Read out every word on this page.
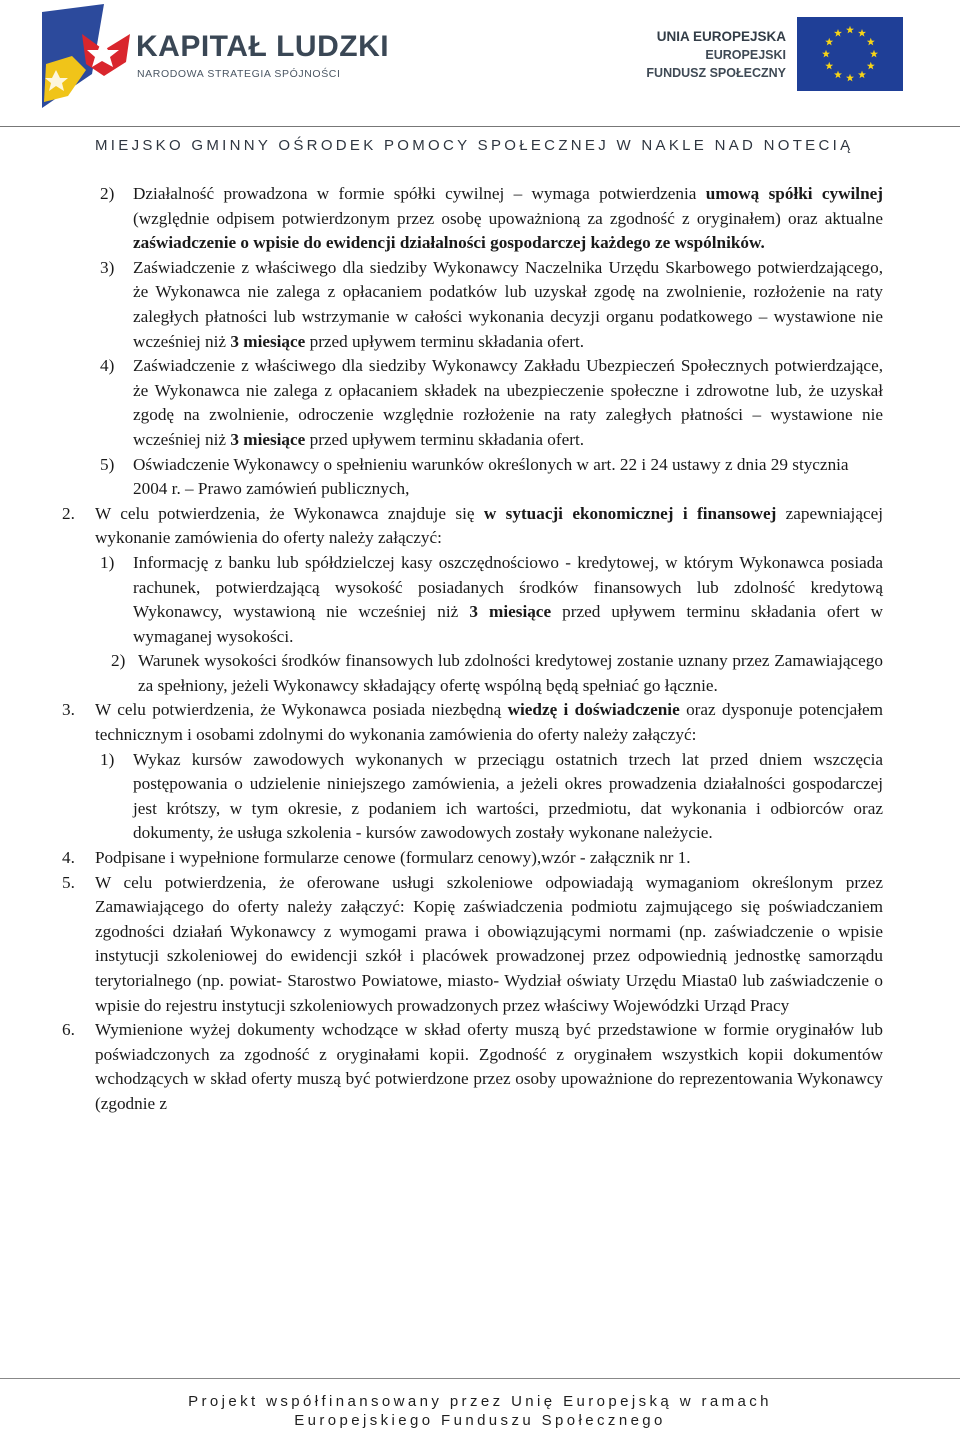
KAPITAŁ LUDZKI
NARODOWA STRATEGIA SPÓJNOŚCI
UNIA EUROPEJSKA
EUROPEJSKI
FUNDUSZ SPOŁECZNY
MIEJSKO GMINNY OŚRODEK POMOCY SPOŁECZNEJ W NAKLE NAD NOTECIĄ
2) Działalność prowadzona w formie spółki cywilnej – wymaga potwierdzenia umową spółki cywilnej (względnie odpisem potwierdzonym przez osobę upoważnioną za zgodność z oryginałem) oraz aktualne zaświadczenie o wpisie do ewidencji działalności gospodarczej każdego ze wspólników.
3) Zaświadczenie z właściwego dla siedziby Wykonawcy Naczelnika Urzędu Skarbowego potwierdzającego, że Wykonawca nie zalega z opłacaniem podatków lub uzyskał zgodę na zwolnienie, rozłożenie na raty zaległych płatności lub wstrzymanie w całości wykonania decyzji organu podatkowego – wystawione nie wcześniej niż 3 miesiące przed upływem terminu składania ofert.
4) Zaświadczenie z właściwego dla siedziby Wykonawcy Zakładu Ubezpieczeń Społecznych potwierdzające, że Wykonawca nie zalega z opłacaniem składek na ubezpieczenie społeczne i zdrowotne lub, że uzyskał zgodę na zwolnienie, odroczenie względnie rozłożenie na raty zaległych płatności – wystawione nie wcześniej niż 3 miesiące przed upływem terminu składania ofert.
5) Oświadczenie Wykonawcy o spełnieniu warunków określonych w art. 22 i 24 ustawy z dnia 29 stycznia 2004 r. – Prawo zamówień publicznych,
2. W celu potwierdzenia, że Wykonawca znajduje się w sytuacji ekonomicznej i finansowej zapewniającej wykonanie zamówienia do oferty należy załączyć:
1) Informację z banku lub spółdzielczej kasy oszczędnościowo - kredytowej, w którym Wykonawca posiada rachunek, potwierdzającą wysokość posiadanych środków finansowych lub zdolność kredytową Wykonawcy, wystawioną nie wcześniej niż 3 miesiące przed upływem terminu składania ofert w wymaganej wysokości.
2) Warunek wysokości środków finansowych lub zdolności kredytowej zostanie uznany przez Zamawiającego za spełniony, jeżeli Wykonawcy składający ofertę wspólną będą spełniać go łącznie.
3. W celu potwierdzenia, że Wykonawca posiada niezbędną wiedzę i doświadczenie oraz dysponuje potencjałem technicznym i osobami zdolnymi do wykonania zamówienia do oferty należy załączyć:
1) Wykaz kursów zawodowych wykonanych w przeciągu ostatnich trzech lat przed dniem wszczęcia postępowania o udzielenie niniejszego zamówienia, a jeżeli okres prowadzenia działalności gospodarczej jest krótszy, w tym okresie, z podaniem ich wartości, przedmiotu, dat wykonania i odbiorców oraz dokumenty, że usługa szkolenia - kursów zawodowych zostały wykonane należycie.
4. Podpisane i wypełnione formularze cenowe (formularz cenowy),wzór - załącznik nr 1.
5. W celu potwierdzenia, że oferowane usługi szkoleniowe odpowiadają wymaganiom określonym przez Zamawiającego do oferty należy załączyć: Kopię zaświadczenia podmiotu zajmującego się poświadczaniem zgodności działań Wykonawcy z wymogami prawa i obowiązującymi normami (np. zaświadczenie o wpisie instytucji szkoleniowej do ewidencji szkół i placówek prowadzonej przez odpowiednią jednostkę samorządu terytorialnego (np. powiat- Starostwo Powiatowe, miasto- Wydział oświaty Urzędu Miasta0 lub zaświadczenie o wpisie do rejestru instytucji szkoleniowych prowadzonych przez właściwy Wojewódzki Urząd Pracy
6. Wymienione wyżej dokumenty wchodzące w skład oferty muszą być przedstawione w formie oryginałów lub poświadczonych za zgodność z oryginałami kopii. Zgodność z oryginałem wszystkich kopii dokumentów wchodzących w skład oferty muszą być potwierdzone przez osoby upoważnione do reprezentowania Wykonawcy (zgodnie z
Projekt współfinansowany przez Unię Europejską w ramach
Europejskiego Funduszu Społecznego
